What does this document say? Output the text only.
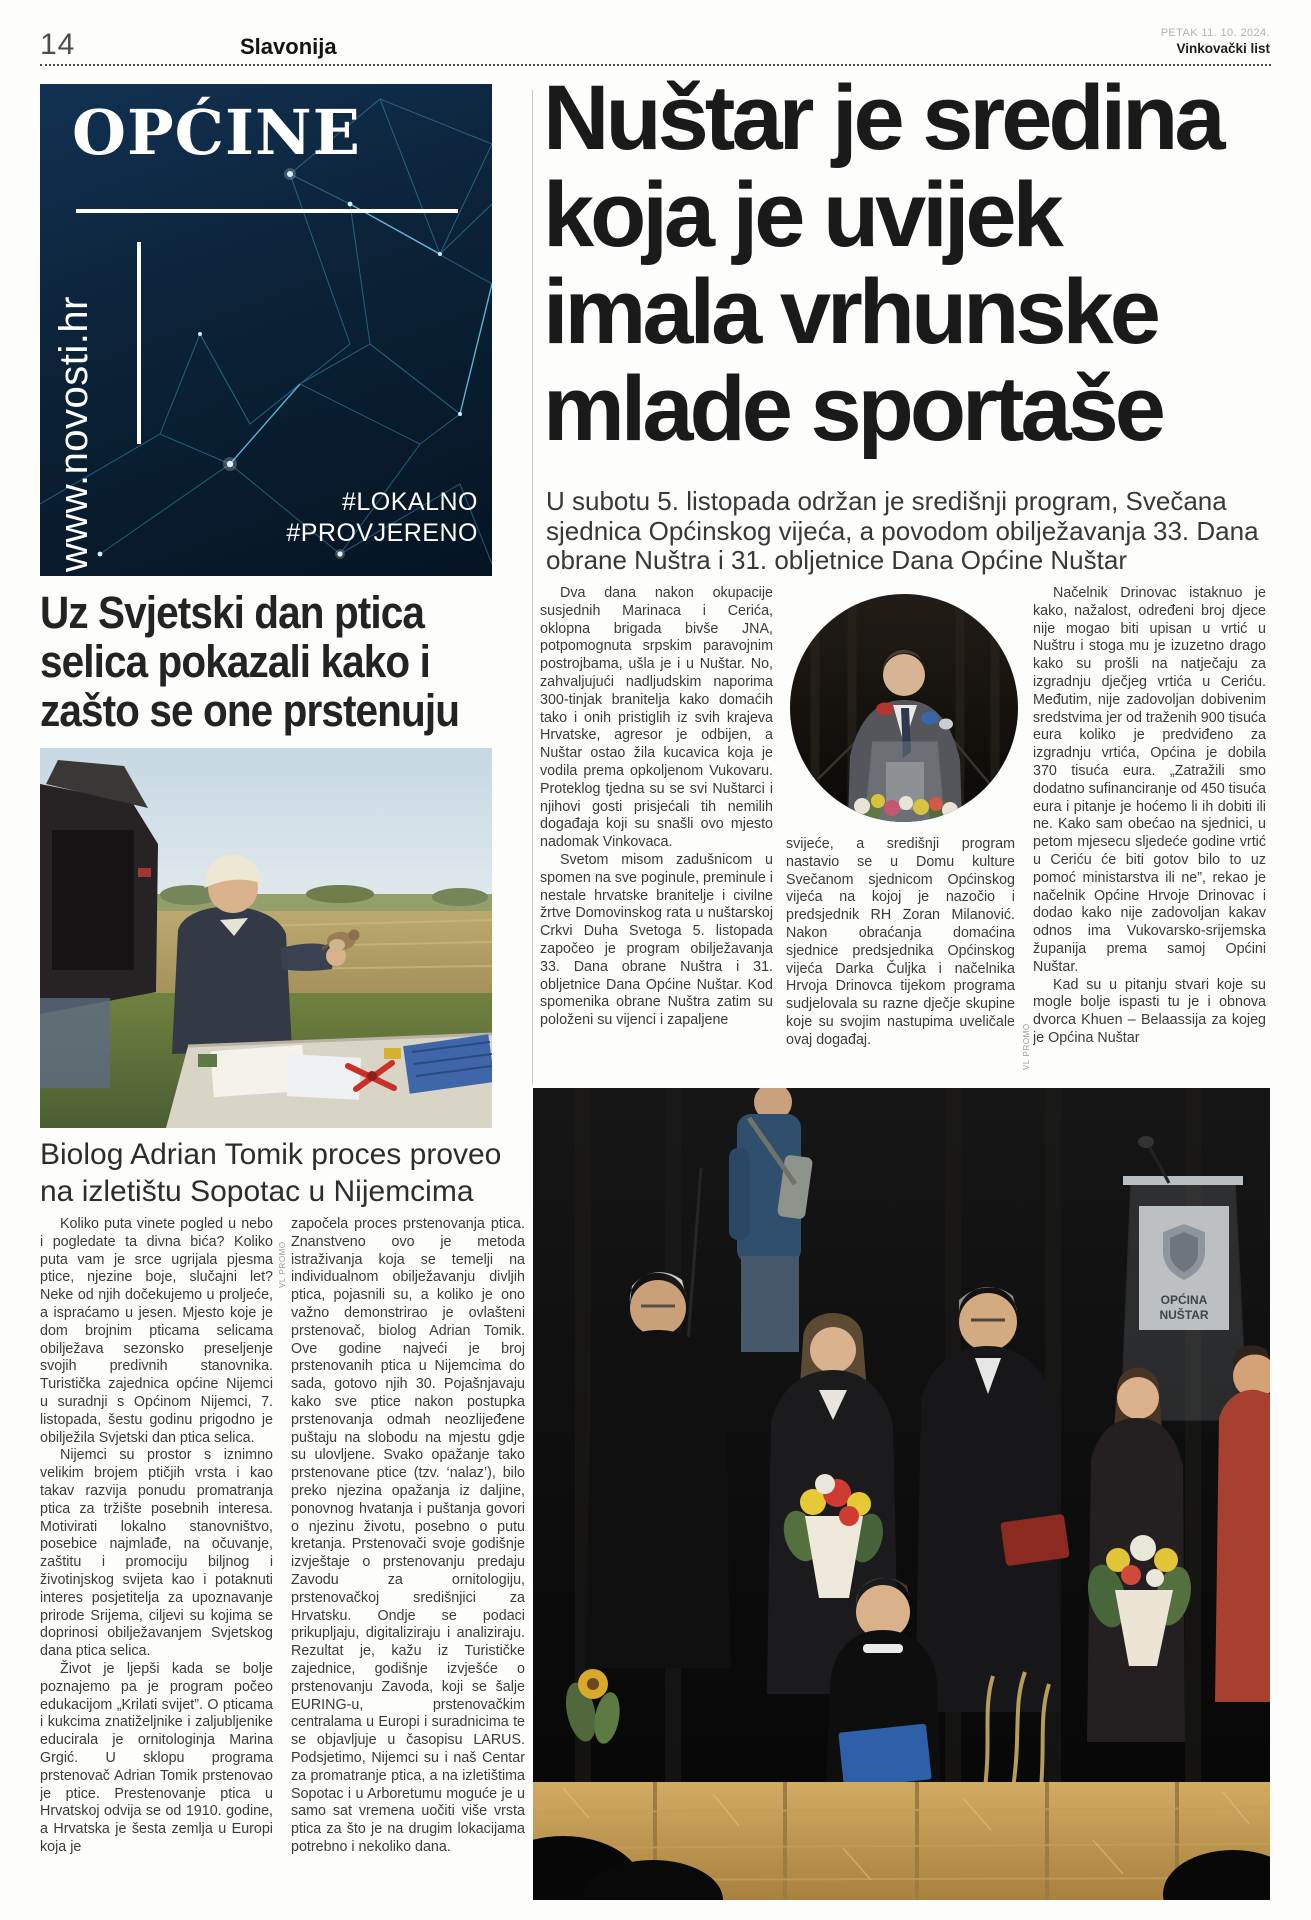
14	Slavonija
PETAK 11. 10. 2024.
Vinkovački list
OPĆINE
www.novosti.hr	#LOKALNO
#PROVJERENO
Nuštar je sredina
koja je uvijek
imala vrhunske
mlade sportaše
U subotu 5. listopada održan je središnji program, Svečana sjednica Općinskog vijeća, a povodom obilježavanja 33. Dana obrane Nuštra i 31. obljetnice Dana Općine Nuštar

Dva dana nakon okupacije susjednih Marinaca i Cerića, oklopna brigada bivše JNA, potpomognuta srpskim paravojnim postrojbama, ušla je i u Nuštar. No, zahvaljujući nadljudskim naporima 300-tinjak branitelja kako domaćih tako i onih pristiglih iz svih krajeva Hrvatske, agresor je odbijen, a Nuštar ostao žila kucavica koja je vodila prema opkoljenom Vukovaru. Proteklog tjedna su se svi Nuštarci i njihovi gosti prisjećali tih nemilih događaja koji su snašli ovo mjesto nadomak Vinkovaca.

Svetom misom zadušnicom u spomen na sve poginule, preminule i nestale hrvatske branitelje i civilne žrtve Domovinskog rata u nuštarskoj Crkvi Duha Svetoga 5. listopada započeo je program obilježavanja 33. Dana obrane Nuštra i 31. obljetnice Dana Općine Nuštar. Kod spomenika obrane Nuštra zatim su položeni su vijenci i zapaljene

svijeće, a središnji program nastavio se u Domu kulture Svečanom sjednicom Općinskog vijeća na kojoj je nazočio i predsjednik RH Zoran Milanović. Nakon obraćanja domaćina sjednice predsjednika Općinskog vijeća Darka Čuljka i načelnika Hrvoja Drinovca tijekom programa sudjelovala su razne dječje skupine koje su svojim nastupima uveličale ovaj događaj.

Načelnik Drinovac istaknuo je kako, nažalost, određeni broj djece nije mogao biti upisan u vrtić u Nuštru i stoga mu je izuzetno drago kako su prošli na natječaju za izgradnju dječjeg vrtića u Ceriću. Međutim, nije zadovoljan dobivenim sredstvima jer od traženih 900 tisuća eura koliko je predviđeno za izgradnju vrtića, Općina je dobila 370 tisuća eura. „Zatražili smo dodatno sufinanciranje od 450 tisuća eura i pitanje je hoćemo li ih dobiti ili ne. Kako sam obećao na sjednici, u petom mjesecu sljedeće godine vrtić u Ceriću će biti gotov bilo to uz pomoć ministarstva ili ne”, rekao je načelnik Općine Hrvoje Drinovac i dodao kako nije zadovoljan kakav odnos ima Vukovarsko-srijemska županija prema samoj Općini Nuštar.

Kad su u pitanju stvari koje su mogle bolje ispasti tu je i obnova dvorca Khuen – Belaassija za kojeg je Općina Nuštar

VL PROMO
Uz Svjetski dan ptica
selica pokazali kako i
zašto se one prstenuju
Biolog Adrian Tomik proces proveo
na izletištu Sopotac u Nijemcima

Koliko puta vinete pogled u nebo i pogledate ta divna bića? Koliko puta vam je srce ugrijala pjesma ptice, njezine boje, slučajni let? Neke od njih dočekujemo u proljeće, a ispraćamo u jesen. Mjesto koje je dom brojnim pticama selicama obilježava sezonsko preseljenje svojih predivnih stanovnika. Turistička zajednica općine Nijemci u suradnji s Općinom Nijemci, 7. listopada, šestu godinu prigodno je obilježila Svjetski dan ptica selica.

Nijemci su prostor s iznimno velikim brojem ptičjih vrsta i kao takav razvija ponudu promatranja ptica za tržište posebnih interesa. Motivirati lokalno stanovništvo, posebice najmlađe, na očuvanje, zaštitu i promociju biljnog i životinjskog svijeta kao i potaknuti interes posjetitelja za upoznavanje prirode Srijema, ciljevi su kojima se doprinosi obilježavanjem Svjetskog dana ptica selica.

Život je ljepši kada se bolje poznajemo pa je program počeo edukacijom „Krilati svijet”. O pticama i kukcima znatiželjnike i zaljubljenike educirala je ornitologinja Marina Grgić. U sklopu programa prstenovač Adrian Tomik prstenovao je ptice. Prestenovanje ptica u Hrvatskoj odvija se od 1910. godine, a Hrvatska je šesta zemlja u Europi koja je

započela proces prstenovanja ptica. Znanstveno ovo je metoda istraživanja koja se temelji na individualnom obilježavanju divljih ptica, pojasnili su, a koliko je ono važno demonstrirao je ovlašteni prstenovač, biolog Adrian Tomik. Ove godine najveći je broj prstenovanih ptica u Nijemcima do sada, gotovo njih 30. Pojašnjavaju kako sve ptice nakon postupka prstenovanja odmah neozlijeđene puštaju na slobodu na mjestu gdje su ulovljene. Svako opažanje tako prstenovane ptice (tzv. ‘nalaz’), bilo preko njezina opažanja iz daljine, ponovnog hvatanja i puštanja govori o njezinu životu, posebno o putu kretanja. Prstenovači svoje godišnje izvještaje o prstenovanju predaju Zavodu za ornitologiju, prstenovačkoj središnjici za Hrvatsku. Ondje se podaci prikupljaju, digitaliziraju i analiziraju. Rezultat je, kažu iz Turističke zajednice, godišnje izvješće o prstenovanju Zavoda, koji se šalje EURING-u, prstenovačkim centralama u Europi i suradnicima te se objavljuje u časopisu LARUS. Podsjetimo, Nijemci su i naš Centar za promatranje ptica, a na izletištima Sopotac i u Arboretumu moguće je u samo sat vremena uočiti više vrsta ptica za što je na drugim lokacijama potrebno i nekoliko dana.

VL PROMO
OPĆINA
NUŠTAR
